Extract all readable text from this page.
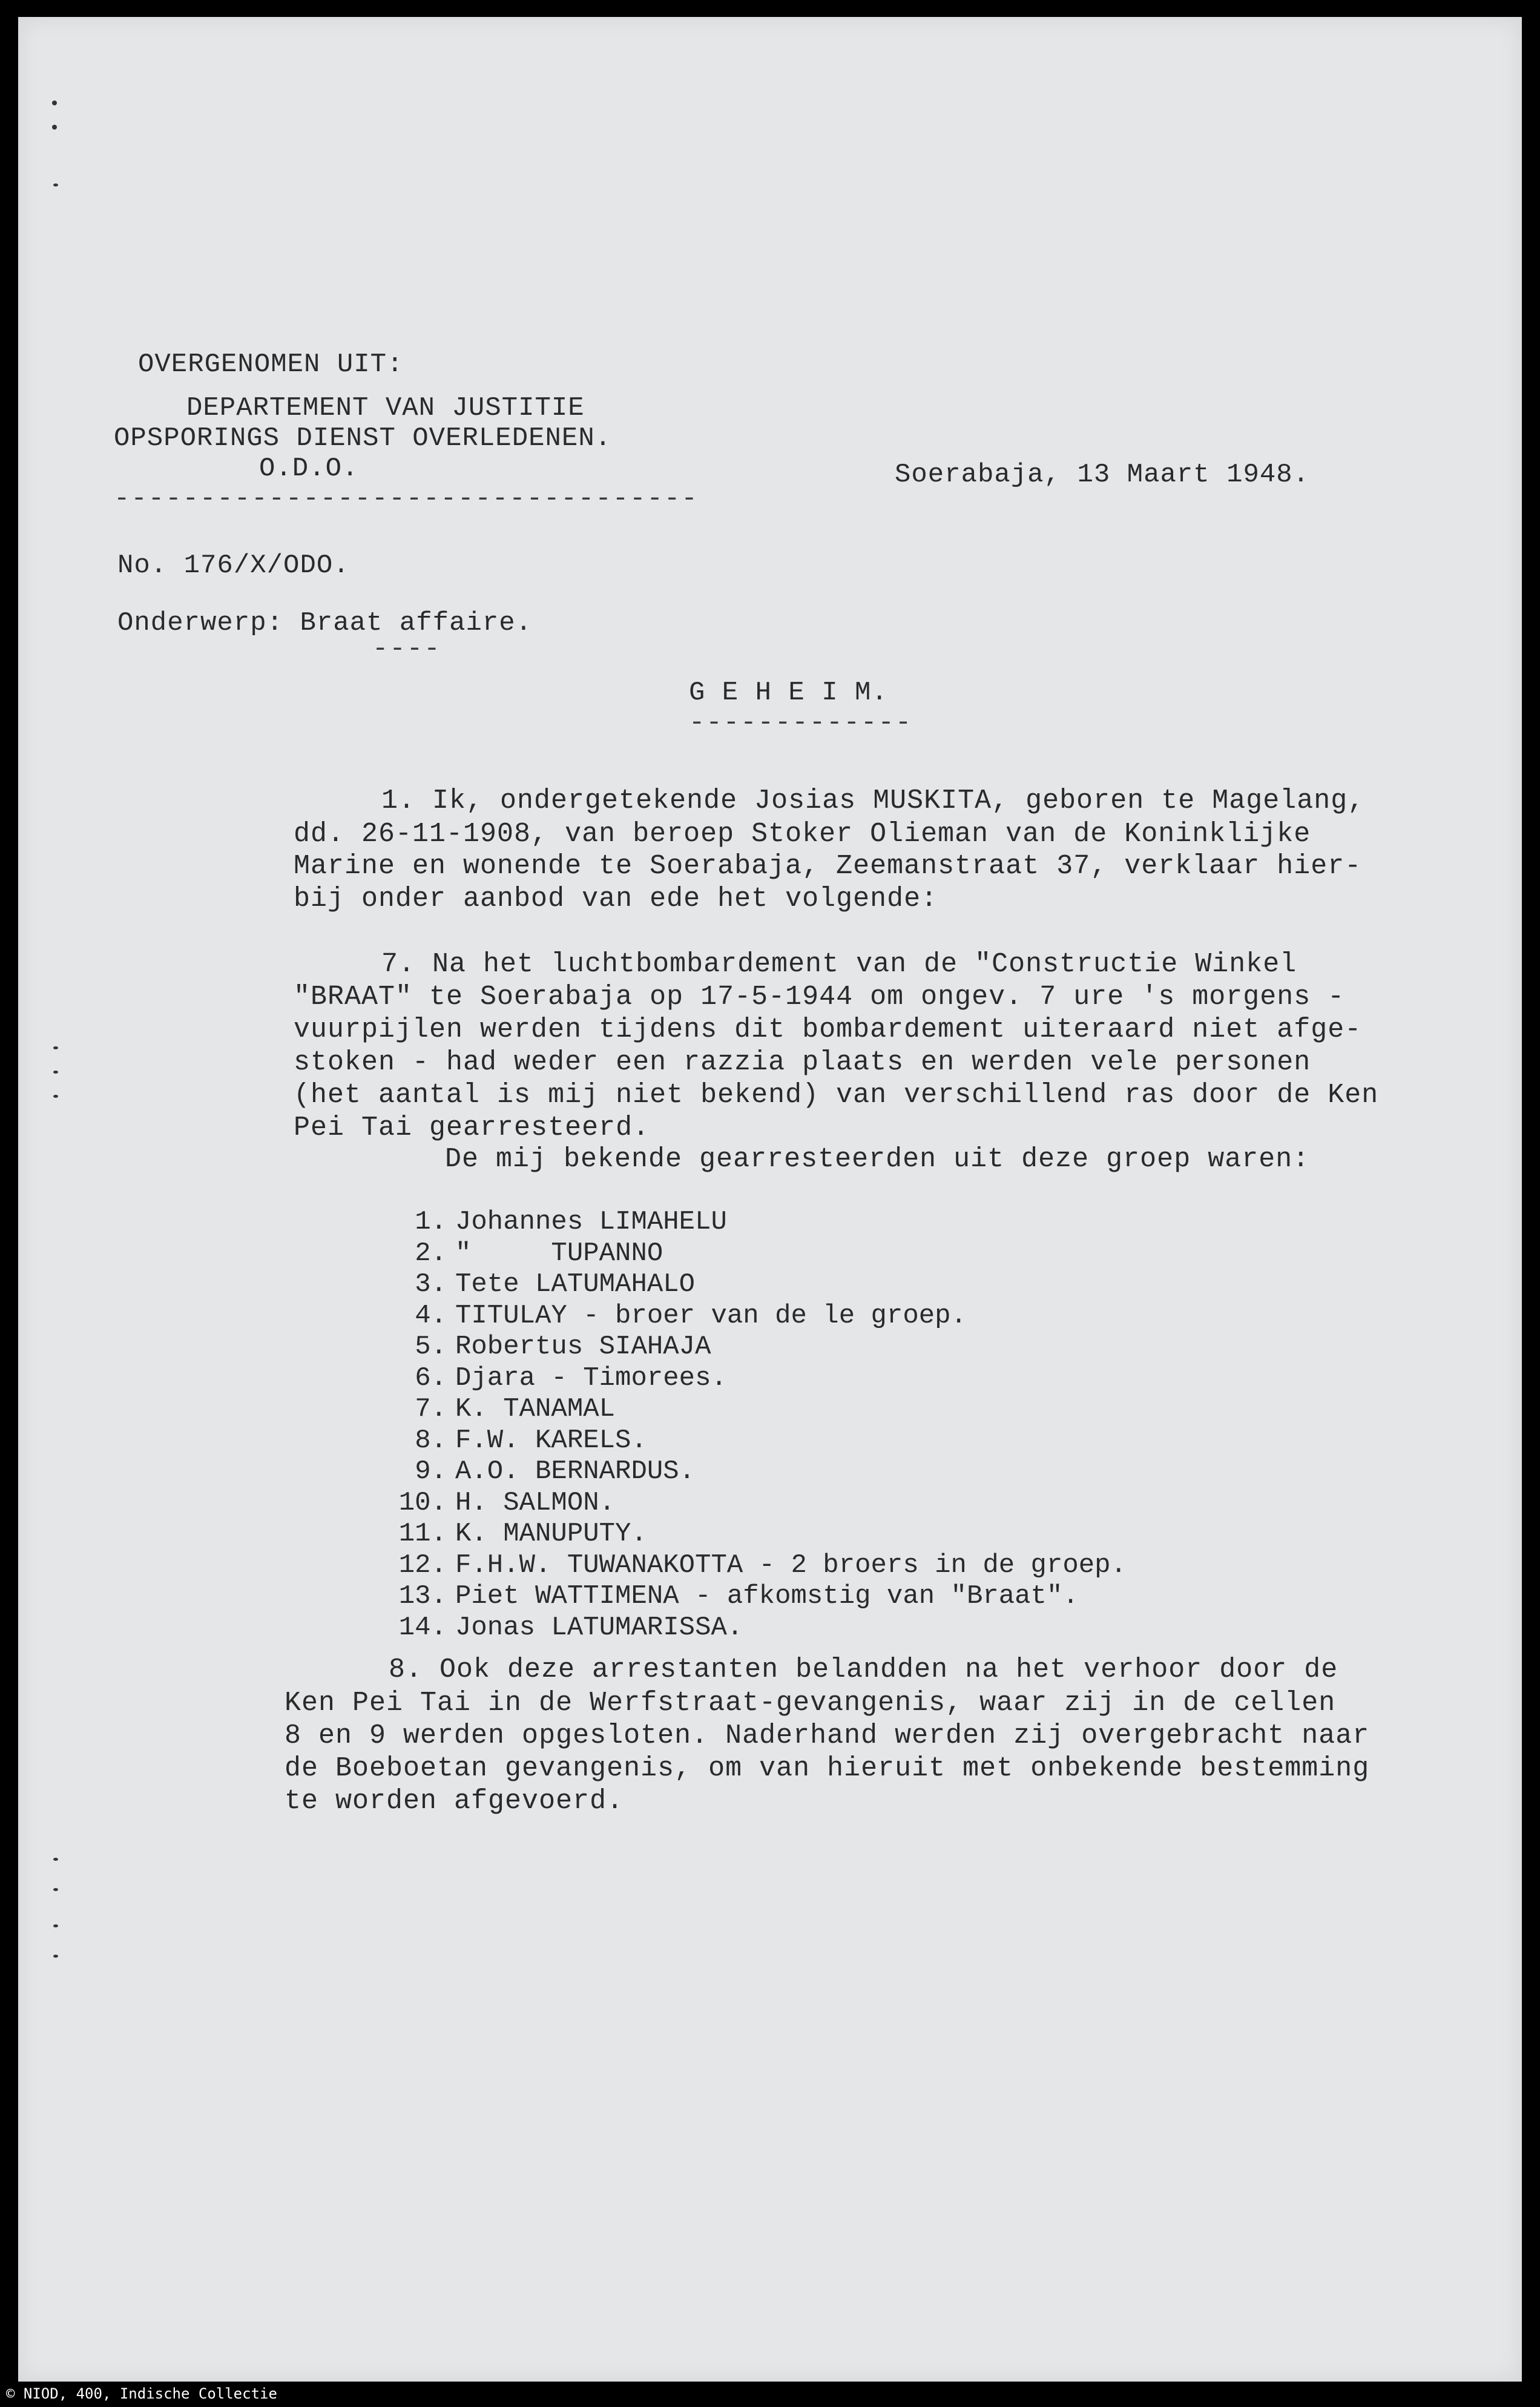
OVERGENOMEN UIT:
DEPARTEMENT VAN JUSTITIE
OPSPORINGS DIENST OVERLEDENEN.
O.D.O.
----------------------------------
Soerabaja, 13 Maart 1948.
No. 176/X/ODO.
Onderwerp: Braat affaire.
----
G E H E I M.
-------------
1. Ik, ondergetekende Josias MUSKITA, geboren te Magelang,
dd. 26-11-1908, van beroep Stoker Olieman van de Koninklijke
Marine en wonende te Soerabaja, Zeemanstraat 37, verklaar hier-
bij onder aanbod van ede het volgende:
7. Na het luchtbombardement van de "Constructie Winkel
"BRAAT" te Soerabaja op 17-5-1944 om ongev. 7 ure 's morgens -
vuurpijlen werden tijdens dit bombardement uiteraard niet afge-
stoken - had weder een razzia plaats en werden vele personen
(het aantal is mij niet bekend) van verschillend ras door de Ken
Pei Tai gearresteerd.
De mij bekende gearresteerden uit deze groep waren:
1. Johannes LIMAHELU
2. "     TUPANNO
3. Tete LATUMAHALO
4. TITULAY - broer van de le groep.
5. Robertus SIAHAJA
6. Djara - Timorees.
7. K. TANAMAL
8. F.W. KARELS.
9. A.O. BERNARDUS.
10. H. SALMON.
11. K. MANUPUTY.
12. F.H.W. TUWANAKOTTA - 2 broers in de groep.
13. Piet WATTIMENA - afkomstig van "Braat".
14. Jonas LATUMARISSA.
8. Ook deze arrestanten belandden na het verhoor door de
Ken Pei Tai in de Werfstraat-gevangenis, waar zij in de cellen
8 en 9 werden opgesloten. Naderhand werden zij overgebracht naar
de Boeboetan gevangenis, om van hieruit met onbekende bestemming
te worden afgevoerd.
© NIOD, 400, Indische Collectie
